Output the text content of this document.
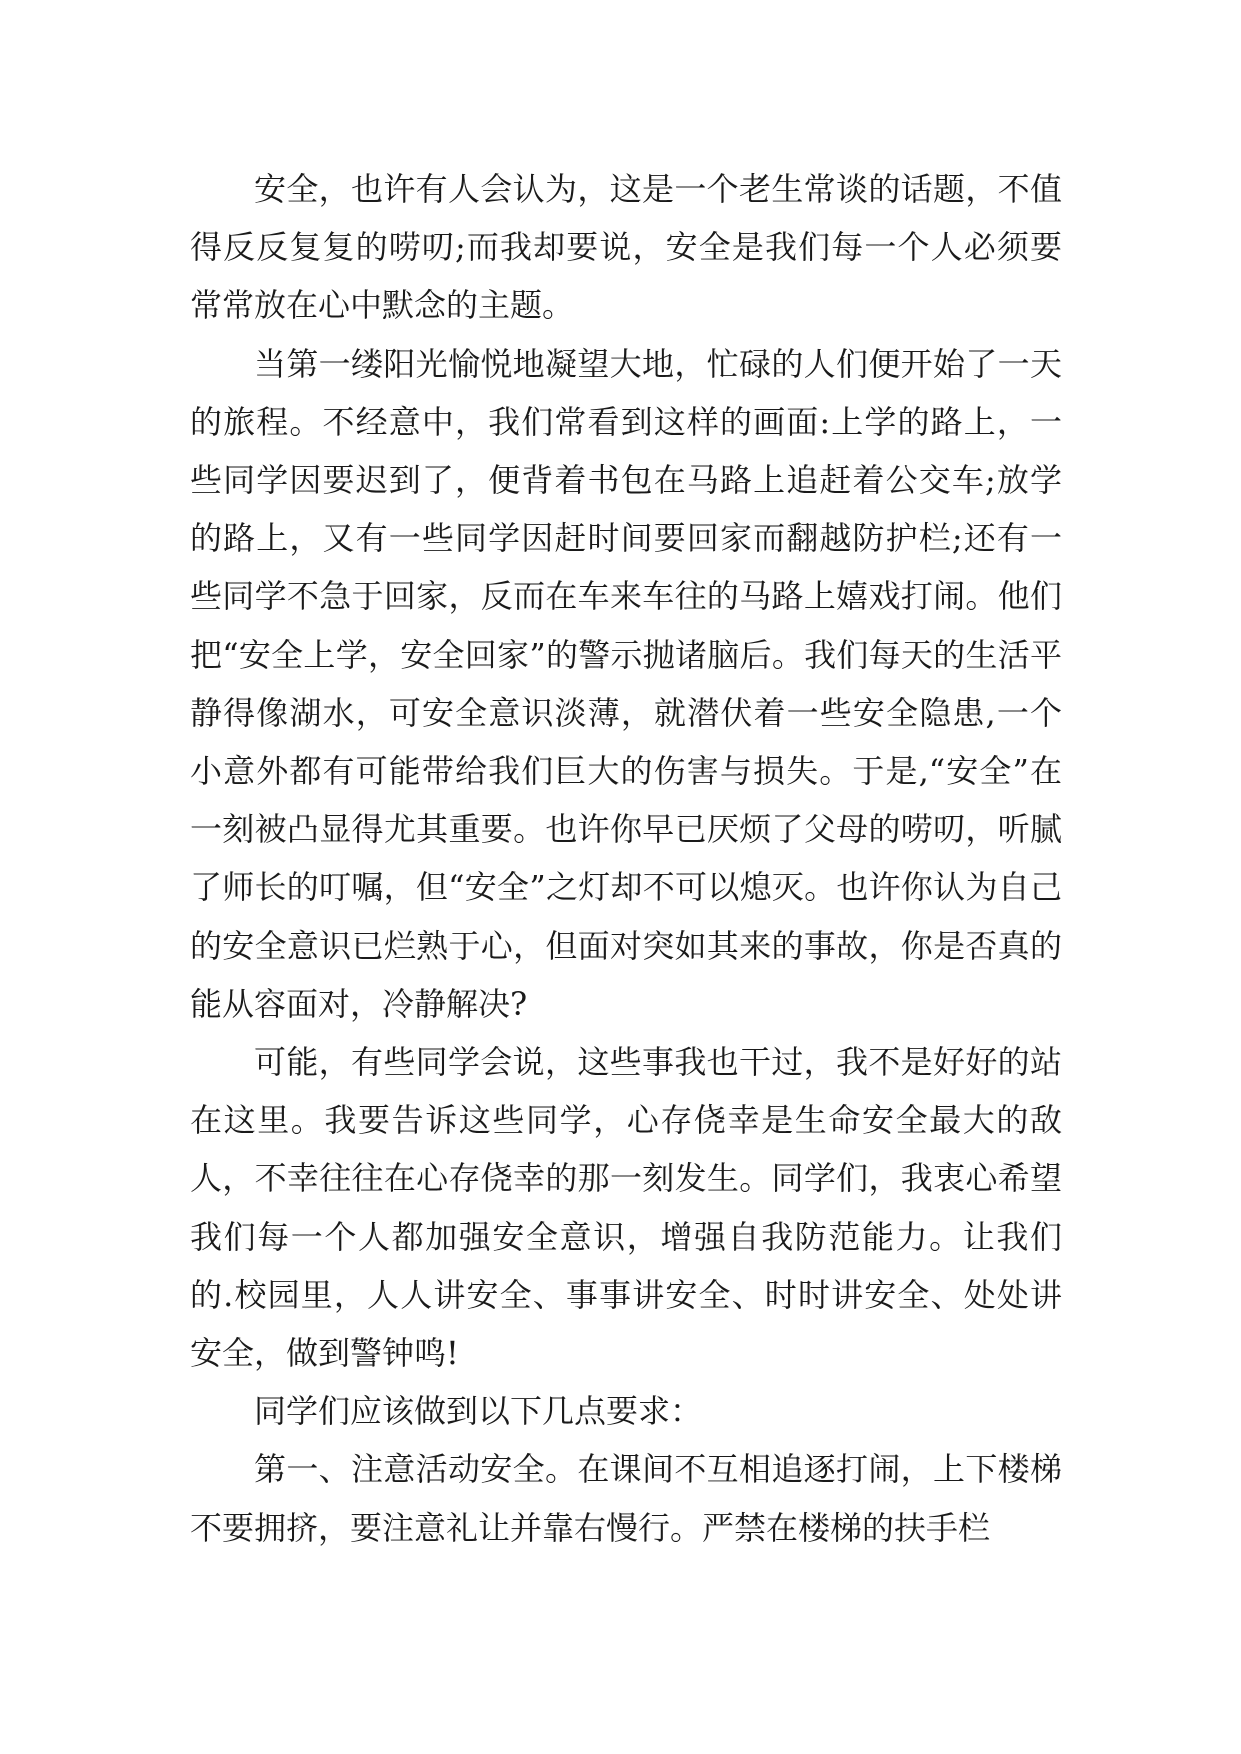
安全，也许有人会认为，这是一个老生常谈的话题，不值得反反复复的唠叨;而我却要说，安全是我们每一个人必须要常常放在心中默念的主题。

当第一缕阳光愉悦地凝望大地，忙碌的人们便开始了一天的旅程。不经意中，我们常看到这样的画面:上学的路上，一些同学因要迟到了，便背着书包在马路上追赶着公交车;放学的路上，又有一些同学因赶时间要回家而翻越防护栏;还有一些同学不急于回家，反而在车来车往的马路上嬉戏打闹。他们把“安全上学，安全回家”的警示抛诸脑后。我们每天的生活平静得像湖水，可安全意识淡薄，就潜伏着一些安全隐患,一个小意外都有可能带给我们巨大的伤害与损失。于是,“安全”在一刻被凸显得尤其重要。也许你早已厌烦了父母的唠叨，听腻了师长的叮嘱，但“安全”之灯却不可以熄灭。也许你认为自己的安全意识已烂熟于心，但面对突如其来的事故，你是否真的能从容面对，冷静解决?

可能，有些同学会说，这些事我也干过，我不是好好的站在这里。我要告诉这些同学，心存侥幸是生命安全最大的敌人，不幸往往在心存侥幸的那一刻发生。同学们，我衷心希望我们每一个人都加强安全意识，增强自我防范能力。让我们的.校园里，人人讲安全、事事讲安全、时时讲安全、处处讲安全，做到警钟鸣!

同学们应该做到以下几点要求：

第一、注意活动安全。在课间不互相追逐打闹，上下楼梯不要拥挤，要注意礼让并靠右慢行。严禁在楼梯的扶手栏
